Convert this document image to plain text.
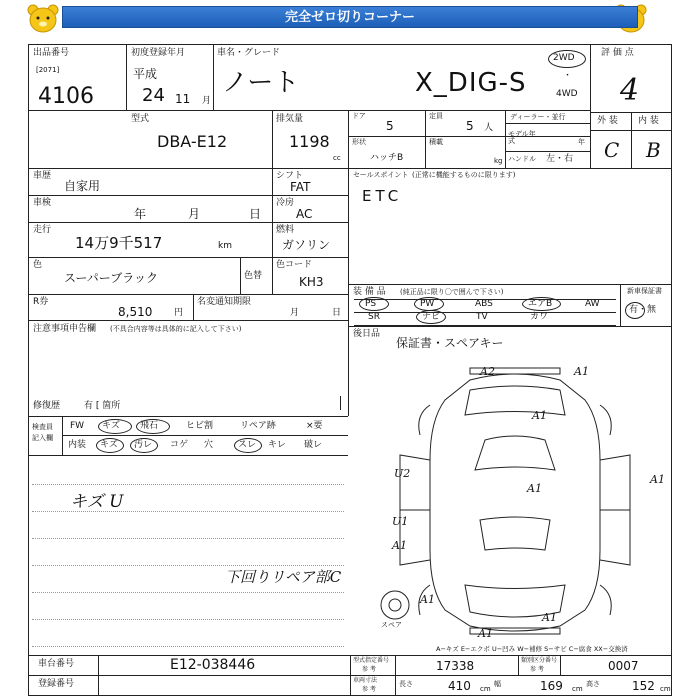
完全ゼロ切りコーナー
出品番号
[2071]
4106
初度登録年月
平成
24 11 月
車名・グレード
ノート	X_DIG-S
2WD
・
4WD
評 価 点
4
外 装 内 装
C B
型式
DBA-E12
排気量
1198
cc
ドア
5
定員
5 人
ディーラー・並行
モデル年式	年
形状
ハッチB
積載
kg ハンドル 左・右
車歴
自家用
車検
年	月	日
走行
14万9千517	km
色
スーパーブラック	色替
色コード
KH3
R券
8,510 円
名変通知期限
月	日
シフト
FAT
冷房
AC
燃料
ガソリン
セールスポイント (正常に機能するものに限ります)
ETC
装 備 品 (純正品に限り〇で囲んで下さい)
PS	PW	ABS	エアB	AW
SR	ナビ	TV	カワ
新車保証書
有・無
後日品
保証書・スペアキー
注意事項申告欄 (不具合内容等は具体的に記入して下さい)
修復歴	有 [ 箇所
検査員記入欄
FW キズ 飛石	ヒビ割	リペア跡	×要
内装 キズ 汚レ コゲ 穴	スレ キレ 破レ
キズ U
下回りリペア部C
A2	A1
A1
A1
A1
U2
U1
A1
A1
A1
A1
スペア
A−キズ E−エクボ U−凹み W−補修 S−サビ C−腐食 XX−交換済
車台番号	E12-038446
登録番号
型式指定番号
参 考	17338	類別区分番号
参 考	0007
車両寸法
参 考
長さ	410 cm
幅	169 cm
高さ	152 cm
